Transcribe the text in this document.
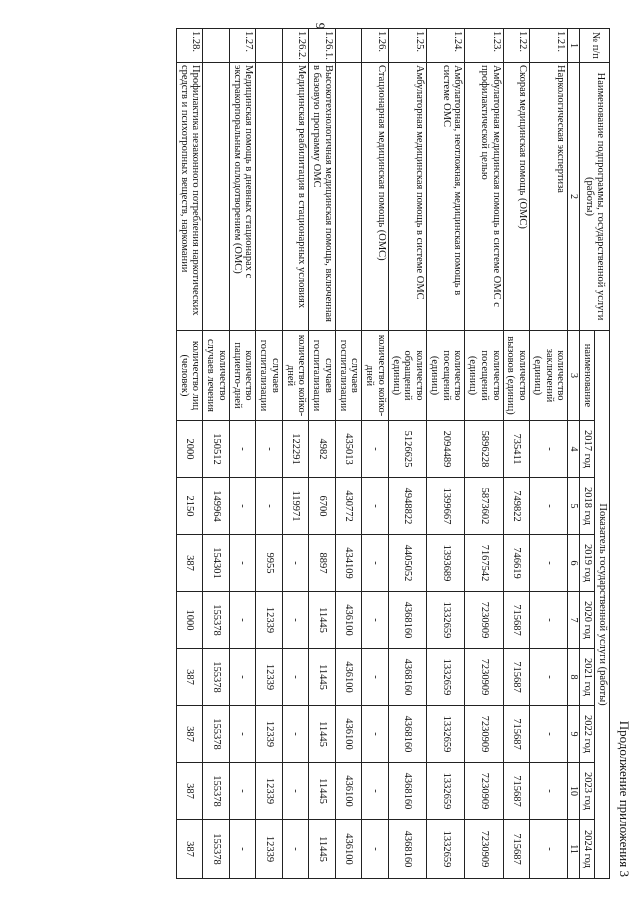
9
Продолжение приложения 3
№ п/п	Наименование подпрограммы, государственной услуги (работы)	Показатель государственной услуги (работы)								
		наименование	2017 год	2018 год	2019 год	2020 год	2021 год	2022 год	2023 год	2024 год
1	2	3	4	5	6	7	8	9	10	11
1.21.	Наркологическая экспертиза	количество заключений (единиц)	-	-	-	-	-	-	-	-
1.22.	Скорая медицинская помощь (ОМС)	количество вызовов (единиц)	735411	749822	746619	715687	715687	715687	715687	715687
1.23.	Амбулаторная медицинская помощь в системе ОМС с профилактической целью	количество посещений (единиц)	5896228	5873602	7167542	7230909	7230909	7230909	7230909	7230909
1.24.	Амбулаторная, неотложная, медицинская помощь в системе ОМС	количество посещений (единиц)	2094489	1399667	1393689	1332659	1332659	1332659	1332659	1332659
1.25.	Амбулаторная медицинская помощь в системе ОМС	количество обращений (единиц)	5126625	4948822	4405052	4368160	4368160	4368160	4368160	4368160
1.26.	Стационарная медицинская помощь (ОМС)	количество койко-дней	-	-	-	-	-	-	-	-
		случаев госпитализации	435013	430772	434109	436100	436100	436100	436100	436100
1.26.1.	Высокотехнологичная медицинская помощь, включенная в базовую программу ОМС	случаев госпитализации	4982	6700	8897	11445	11445	11445	11445	11445
1.26.2.	Медицинская реабилитация в стационарных условиях	количество койко-дней	122291	119971	-	-	-	-	-	-
		случаев госпитализации	-	-	9955	12339	12339	12339	12339	12339
1.27.	Медицинская помощь в дневных стационарах с экстракорпоральным оплодотворением (ОМС)	количество пациенто-дней	-	-	-	-	-	-	-	-
		количество случаев лечения	150512	149964	154301	155378	155378	155378	155378	155378
1.28.	Профилактика незаконного потребления наркотических средств и психотропных веществ, наркомании	количество лиц (человек)	2000	2150	387	1000	387	387	387	387
